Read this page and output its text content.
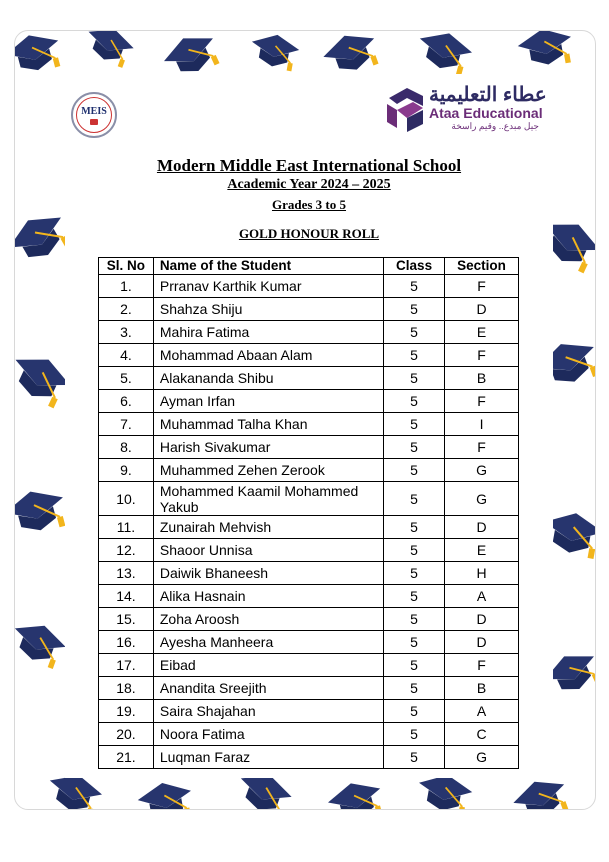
MEIS
عطاء التعليمية
Ataa Educational
جيل مبدع.. وقيم راسخة
Modern Middle East International School
Academic Year 2024 – 2025
Grades 3 to 5
GOLD HONOUR ROLL
Sl. No	Name of the Student	Class	Section
1.	Prranav Karthik Kumar	5	F
2.	Shahza Shiju	5	D
3.	Mahira Fatima	5	E
4.	Mohammad Abaan Alam	5	F
5.	Alakananda Shibu	5	B
6.	Ayman Irfan	5	F
7.	Muhammad Talha Khan	5	I
8.	Harish Sivakumar	5	F
9.	Muhammed Zehen Zerook	5	G
10.	Mohammed Kaamil Mohammed Yakub	5	G
11.	Zunairah Mehvish	5	D
12.	Shaoor Unnisa	5	E
13.	Daiwik Bhaneesh	5	H
14.	Alika Hasnain	5	A
15.	Zoha Aroosh	5	D
16.	Ayesha Manheera	5	D
17.	Eibad	5	F
18.	Anandita Sreejith	5	B
19.	Saira Shajahan	5	A
20.	Noora Fatima	5	C
21.	Luqman Faraz	5	G
